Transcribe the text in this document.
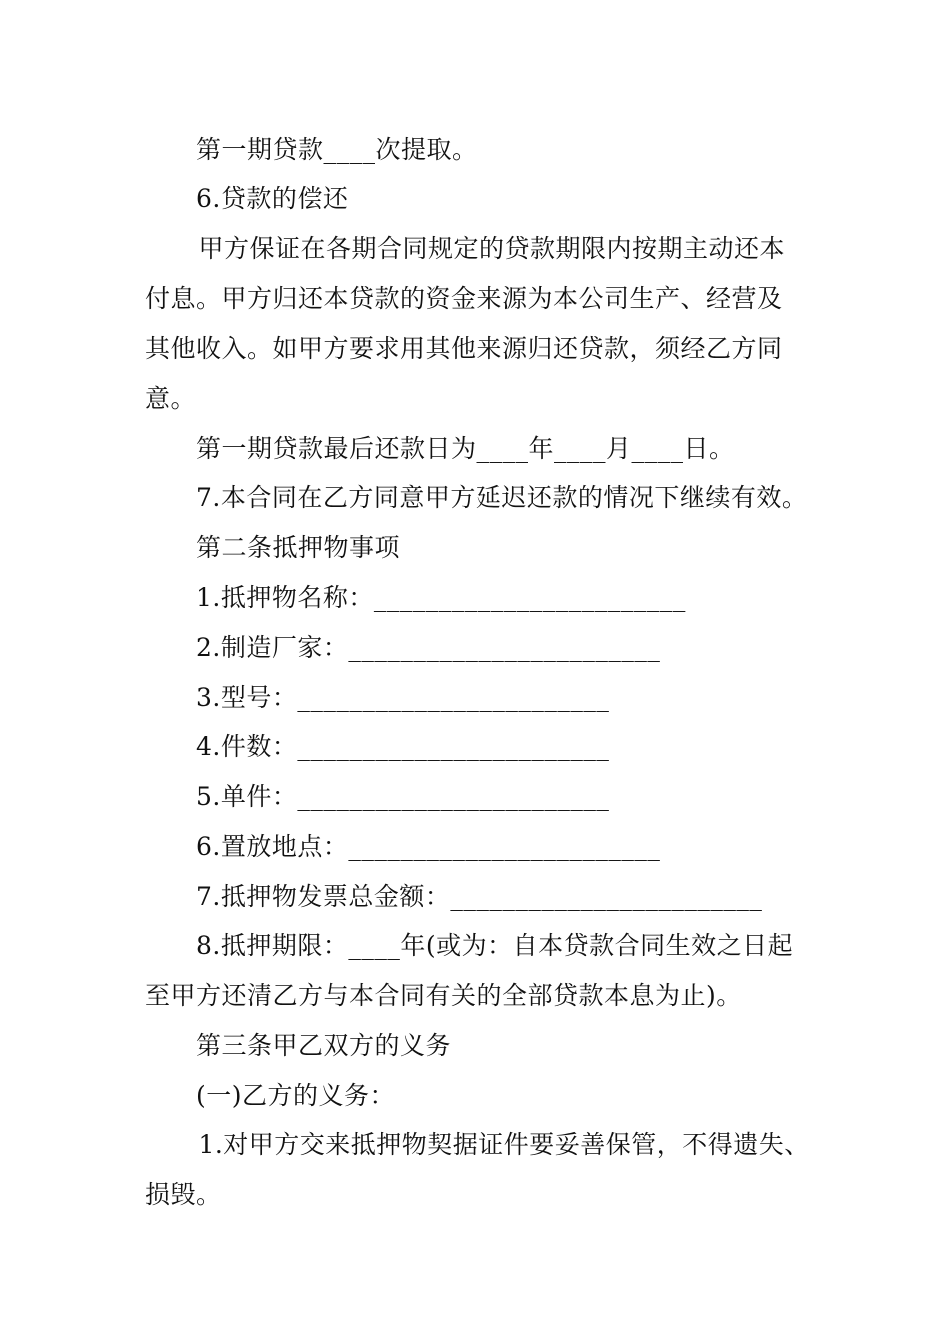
第一期贷款____次提取。
6.贷款的偿还
甲方保证在各期合同规定的贷款期限内按期主动还本
付息。甲方归还本贷款的资金来源为本公司生产、经营及
其他收入。如甲方要求用其他来源归还贷款，须经乙方同
意。
第一期贷款最后还款日为____年____月____日。
7.本合同在乙方同意甲方延迟还款的情况下继续有效。
第二条抵押物事项
1.抵押物名称：________________________
2.制造厂家：________________________
3.型号：________________________
4.件数：________________________
5.单件：________________________
6.置放地点：________________________
7.抵押物发票总金额：________________________
8.抵押期限：____年(或为：自本贷款合同生效之日起
至甲方还清乙方与本合同有关的全部贷款本息为止)。
第三条甲乙双方的义务
(一)乙方的义务：
1.对甲方交来抵押物契据证件要妥善保管，不得遗失、
损毁。
